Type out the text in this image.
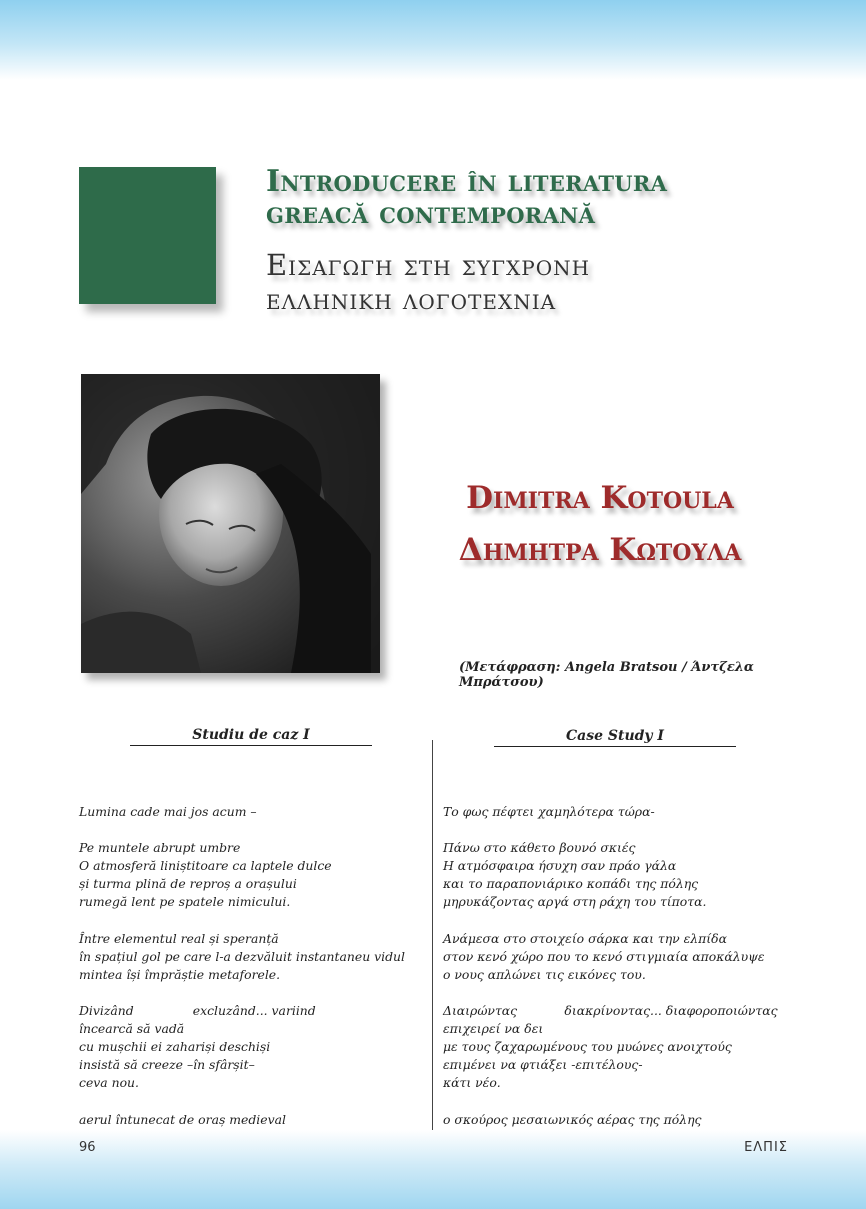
Introducere în literatura
greacă contemporană
Εισαγωγη στη συγχρονη
ελληνικη λογοτεχνια
Dimitra Kotoula
Δημητρα Κωτουλα
(Μετάφραση: Angela Bratsou / Άντζελα Μπράτσου)
Studiu de caz I	Case Study I
Lumina cade mai jos acum –
Pe muntele abrupt umbre
O atmosferă liniștitoare ca laptele dulce
și turma plină de reproș a orașului
rumegă lent pe spatele nimicului.
Între elementul real și speranță
în spațiul gol pe care l-a dezvăluit instantaneu vidul
mintea își împrăștie metaforele.
Divizând               excluzând... variind
încearcă să vadă
cu mușchii ei zahariși deschiși
insistă să creeze –în sfârșit–
ceva nou.
aerul întunecat de oraș medieval
Το φως πέφτει χαμηλότερα τώρα-
Πάνω στο κάθετο βουνό σκιές
Η ατμόσφαιρα ήσυχη σαν πράο γάλα
και το παραπονιάρικο κοπάδι της πόλης
μηρυκάζοντας αργά στη ράχη του τίποτα.
Ανάμεσα στο στοιχείο σάρκα και την ελπίδα
στον κενό χώρο που το κενό στιγμιαία αποκάλυψε
ο νους απλώνει τις εικόνες του.
Διαιρώντας            διακρίνοντας... διαφοροποιώντας
επιχειρεί να δει
με τους ζαχαρωμένους του μυώνες ανοιχτούς
επιμένει να φτιάξει -επιτέλους-
κάτι νέο.
ο σκούρος μεσαιωνικός αέρας της πόλης
96	ΕΛΠΙΣ
